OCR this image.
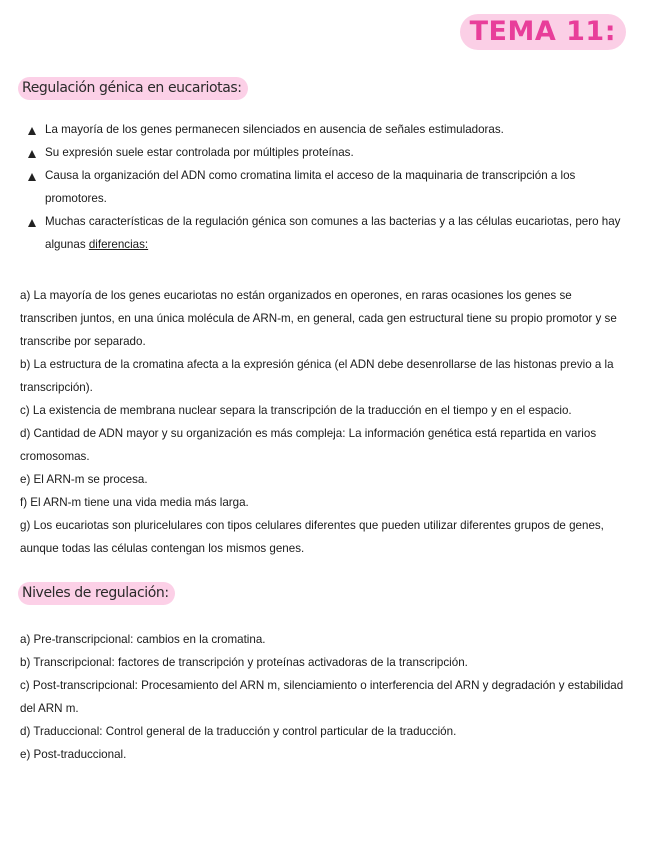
TEMA 11:
Regulación génica en eucariotas:
La mayoría de los genes permanecen silenciados en ausencia de señales estimuladoras.
Su expresión suele estar controlada por múltiples proteínas.
Causa la organización del ADN como cromatina limita el acceso de la maquinaria de transcripción a los promotores.
Muchas características de la regulación génica son comunes a las bacterias y a las células eucariotas, pero hay algunas diferencias:

a) La mayoría de los genes eucariotas no están organizados en operones, en raras ocasiones los genes se transcriben juntos, en una única molécula de ARN-m, en general, cada gen estructural tiene su propio promotor y se transcribe por separado.

b) La estructura de la cromatina afecta a la expresión génica (el ADN debe desenrollarse de las histonas previo a la transcripción).

c) La existencia de membrana nuclear separa la transcripción de la traducción en el tiempo y en el espacio.

d) Cantidad de ADN mayor y su organización es más compleja: La información genética está repartida en varios cromosomas.

e) El ARN-m se procesa.

f) El ARN-m tiene una vida media más larga.

g) Los eucariotas son pluricelulares con tipos celulares diferentes que pueden utilizar diferentes grupos de genes, aunque todas las células contengan los mismos genes.

Niveles de regulación:

a) Pre-transcripcional: cambios en la cromatina.

b) Transcripcional: factores de transcripción y proteínas activadoras de la transcripción.

c) Post-transcripcional: Procesamiento del ARN m, silenciamiento o interferencia del ARN y degradación y estabilidad del ARN m.

d) Traduccional: Control general de la traducción y control particular de la traducción.

e) Post-traduccional.
